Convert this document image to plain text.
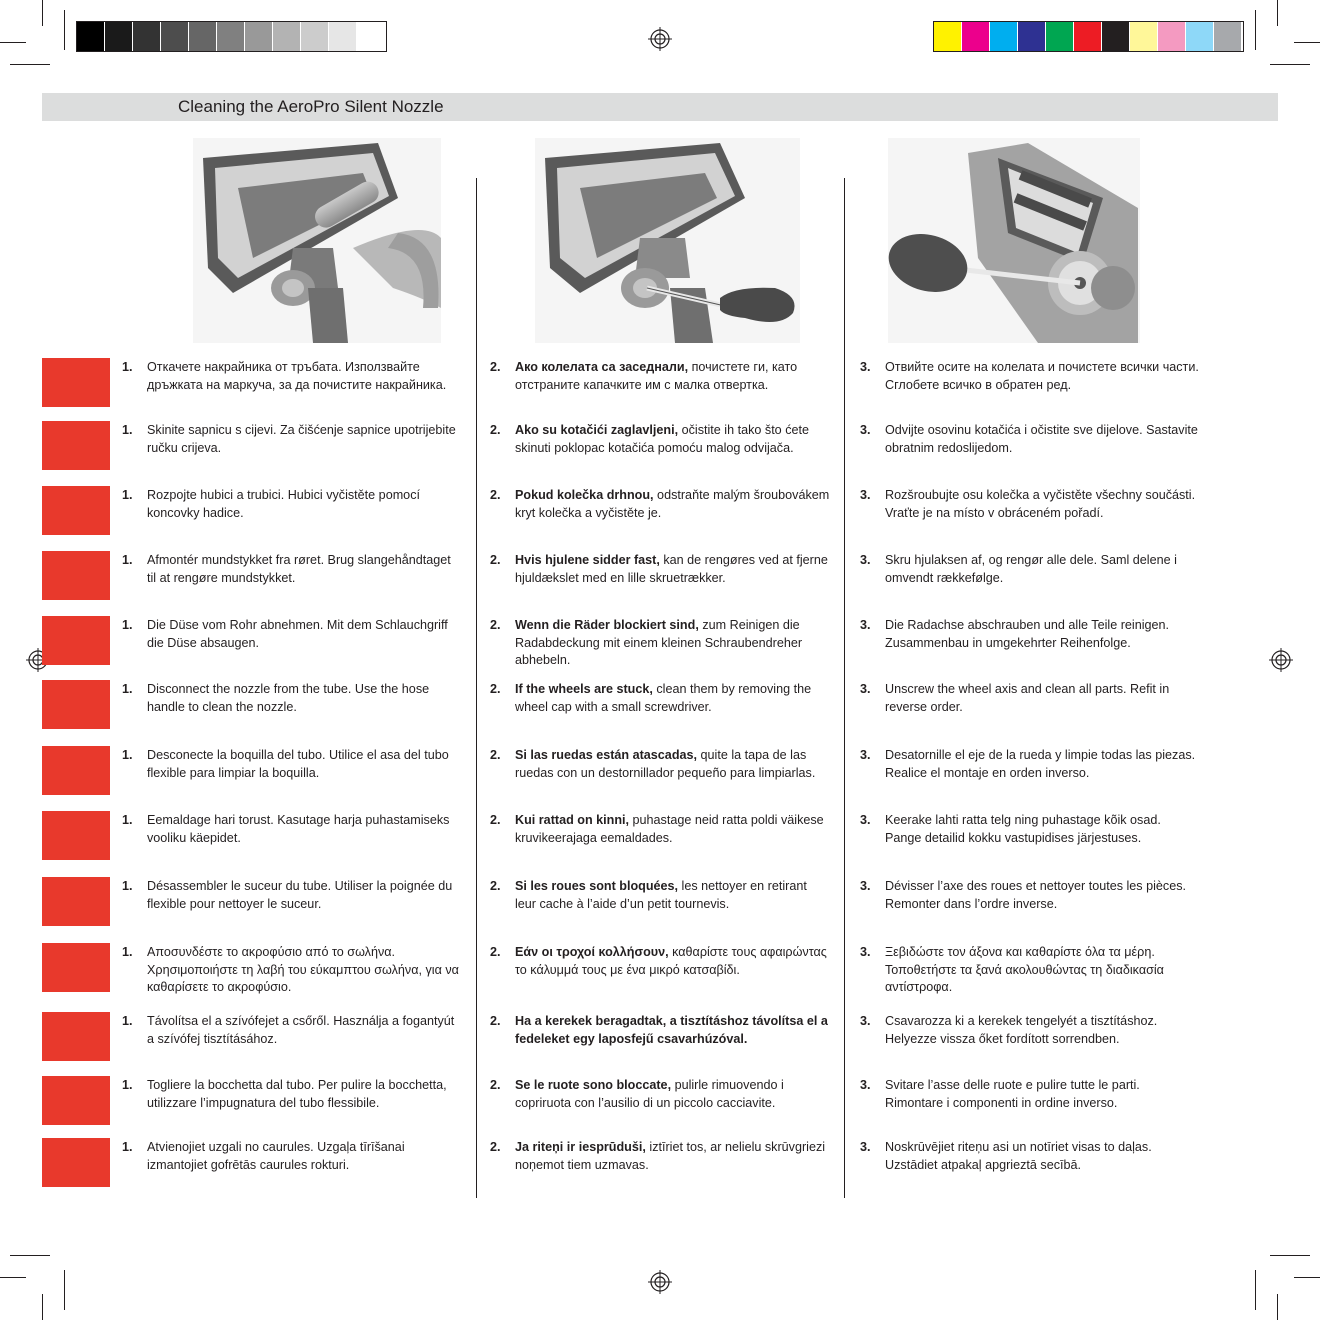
Cleaning the AeroPro Silent Nozzle
1. Откачете накрайника от тръбата. Използвайте дръжката на маркуча, за да почистите накрайника.
2. Ако колелата са заседнали, почистете ги, като отстраните капачките им с малка отвертка.
3. Отвийте осите на колелата и почистете всички части. Сглобете всичко в обратен ред.
1. Skinite sapnicu s cijevi. Za čišćenje sapnice upotrijebite ručku crijeva.
2. Ako su kotačići zaglavljeni, očistite ih tako što ćete skinuti poklopac kotačića pomoću malog odvijača.
3. Odvijte osovinu kotačića i očistite sve dijelove. Sastavite obratnim redoslijedom.
1. Rozpojte hubici a trubici. Hubici vyčistěte pomocí koncovky hadice.
2. Pokud kolečka drhnou, odstraňte malým šroubovákem kryt kolečka a vyčistěte je.
3. Rozšroubujte osu kolečka a vyčistěte všechny součásti. Vraťte je na místo v obráceném pořadí.
1. Afmontér mundstykket fra røret. Brug slangehåndtaget til at rengøre mundstykket.
2. Hvis hjulene sidder fast, kan de rengøres ved at fjerne hjuldækslet med en lille skruetrækker.
3. Skru hjulaksen af, og rengør alle dele. Saml delene i omvendt rækkefølge.
1. Die Düse vom Rohr abnehmen. Mit dem Schlauchgriff die Düse absaugen.
2. Wenn die Räder blockiert sind, zum Reinigen die Radabdeckung mit einem kleinen Schraubendreher abhebeln.
3. Die Radachse abschrauben und alle Teile reinigen. Zusammenbau in umgekehrter Reihenfolge.
1. Disconnect the nozzle from the tube. Use the hose handle to clean the nozzle.
2. If the wheels are stuck, clean them by removing the wheel cap with a small screwdriver.
3. Unscrew the wheel axis and clean all parts. Refit in reverse order.
1. Desconecte la boquilla del tubo. Utilice el asa del tubo flexible para limpiar la boquilla.
2. Si las ruedas están atascadas, quite la tapa de las ruedas con un destornillador pequeño para limpiarlas.
3. Desatornille el eje de la rueda y limpie todas las piezas. Realice el montaje en orden inverso.
1. Eemaldage hari torust. Kasutage harja puhastamiseks vooliku käepidet.
2. Kui rattad on kinni, puhastage neid ratta poldi väikese kruvikeerajaga eemaldades.
3. Keerake lahti ratta telg ning puhastage kõik osad. Pange detailid kokku vastupidises järjestuses.
1. Désassembler le suceur du tube. Utiliser la poignée du flexible pour nettoyer le suceur.
2. Si les roues sont bloquées, les nettoyer en retirant leur cache à l’aide d’un petit tournevis.
3. Dévisser l’axe des roues et nettoyer toutes les pièces. Remonter dans l’ordre inverse.
1. Αποσυνδέστε το ακροφύσιο από το σωλήνα. Χρησιμοποιήστε τη λαβή του εύκαμπτου σωλήνα, για να καθαρίσετε το ακροφύσιο.
2. Εάν οι τροχοί κολλήσουν, καθαρίστε τους αφαιρώντας το κάλυμμά τους με ένα μικρό κατσαβίδι.
3. Ξεβιδώστε τον άξονα και καθαρίστε όλα τα μέρη. Τοποθετήστε τα ξανά ακολουθώντας τη διαδικασία αντίστροφα.
1. Távolítsa el a szívófejet a csőről. Használja a fogantyút a szívófej tisztításához.
2. Ha a kerekek beragadtak, a tisztításhoz távolítsa el a fedeleket egy laposfejű csavarhúzóval.
3. Csavarozza ki a kerekek tengelyét a tisztításhoz. Helyezze vissza őket fordított sorrendben.
1. Togliere la bocchetta dal tubo. Per pulire la bocchetta, utilizzare l’impugnatura del tubo flessibile.
2. Se le ruote sono bloccate, pulirle rimuovendo i copriruota con l’ausilio di un piccolo cacciavite.
3. Svitare l’asse delle ruote e pulire tutte le parti. Rimontare i componenti in ordine inverso.
1. Atvienojiet uzgali no caurules. Uzgaļa tīrīšanai izmantojiet gofrētās caurules rokturi.
2. Ja riteņi ir iesprūduši, iztīriet tos, ar nelielu skrūvgriezi noņemot tiem uzmavas.
3. Noskrūvējiet riteņu asi un notīriet visas to daļas. Uzstādiet atpakaļ apgrieztā secībā.
